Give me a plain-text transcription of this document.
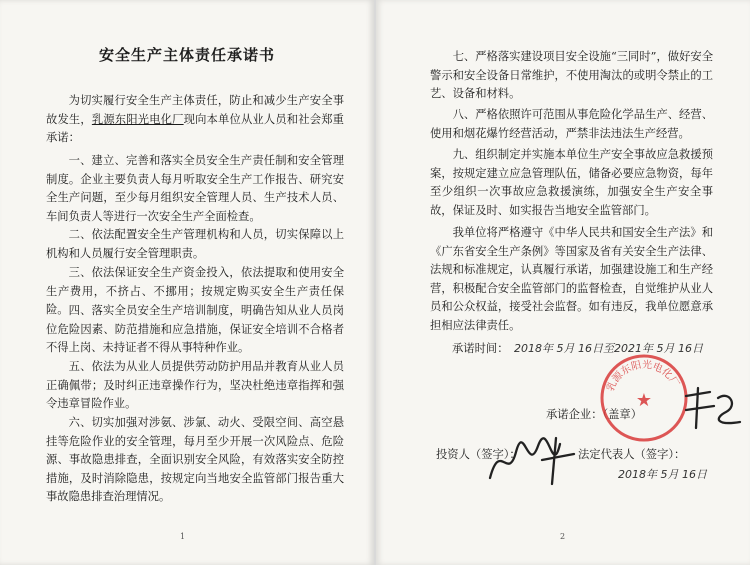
安全生产主体责任承诺书
为切实履行安全生产主体责任，防止和减少生产安全事故发生，乳源东阳光电化厂现向本单位从业人员和社会郑重承诺：
一、建立、完善和落实全员安全生产责任制和安全管理制度。企业主要负责人每月听取安全生产工作报告、研究安全生产问题，至少每月组织安全管理人员、生产技术人员、车间负责人等进行一次安全生产全面检查。
二、依法配置安全生产管理机构和人员，切实保障以上机构和人员履行安全管理职责。
三、依法保证安全生产资金投入，依法提取和使用安全生产费用，不挤占、不挪用；按规定购买安全生产责任保险。 四、落实全员安全生产培训制度，明确告知从业人员岗位危险因素、防范措施和应急措施，保证安全培训不合格者不得上岗、未持证者不得从事特种作业。
五、依法为从业人员提供劳动防护用品并教育从业人员正确佩带；及时纠正违章操作行为，坚决杜绝违章指挥和强令违章冒险作业。
六、切实加强对涉氨、涉氯、动火、受限空间、高空悬挂等危险作业的安全管理，每月至少开展一次风险点、危险源、事故隐患排查，全面识别安全风险，有效落实安全防控措施，及时消除隐患，按规定向当地安全监管部门报告重大事故隐患排查治理情况。
1
七、严格落实建设项目安全设施“三同时”，做好安全警示和安全设备日常维护，不使用淘汰的或明令禁止的工艺、设备和材料。
八、严格依照许可范围从事危险化学品生产、经营、使用和烟花爆竹经营活动，严禁非法违法生产经营。
九、组织制定并实施本单位生产安全事故应急救援预案，按规定建立应急管理队伍，储备必要应急物资，每年至少组织一次事故应急救援演练，加强安全生产安全事故，保证及时、如实报告当地安全监管部门。
我单位将严格遵守《中华人民共和国安全生产法》和《广东省安全生产条例》等国家及省有关安全生产法律、法规和标准规定，认真履行承诺，加强建设施工和生产经营，积极配合安全监管部门的监督检查，自觉维护从业人员和公众权益，接受社会监督。如有违反，我单位愿意承担相应法律责任。
承诺时间： 2018年 5月 16日至2021年 5月 16日
承诺企业：（盖章）
投资人（签字）：	法定代表人（签字）：
2018年 5月 16日
2
乳源东阳光电化厂
★
